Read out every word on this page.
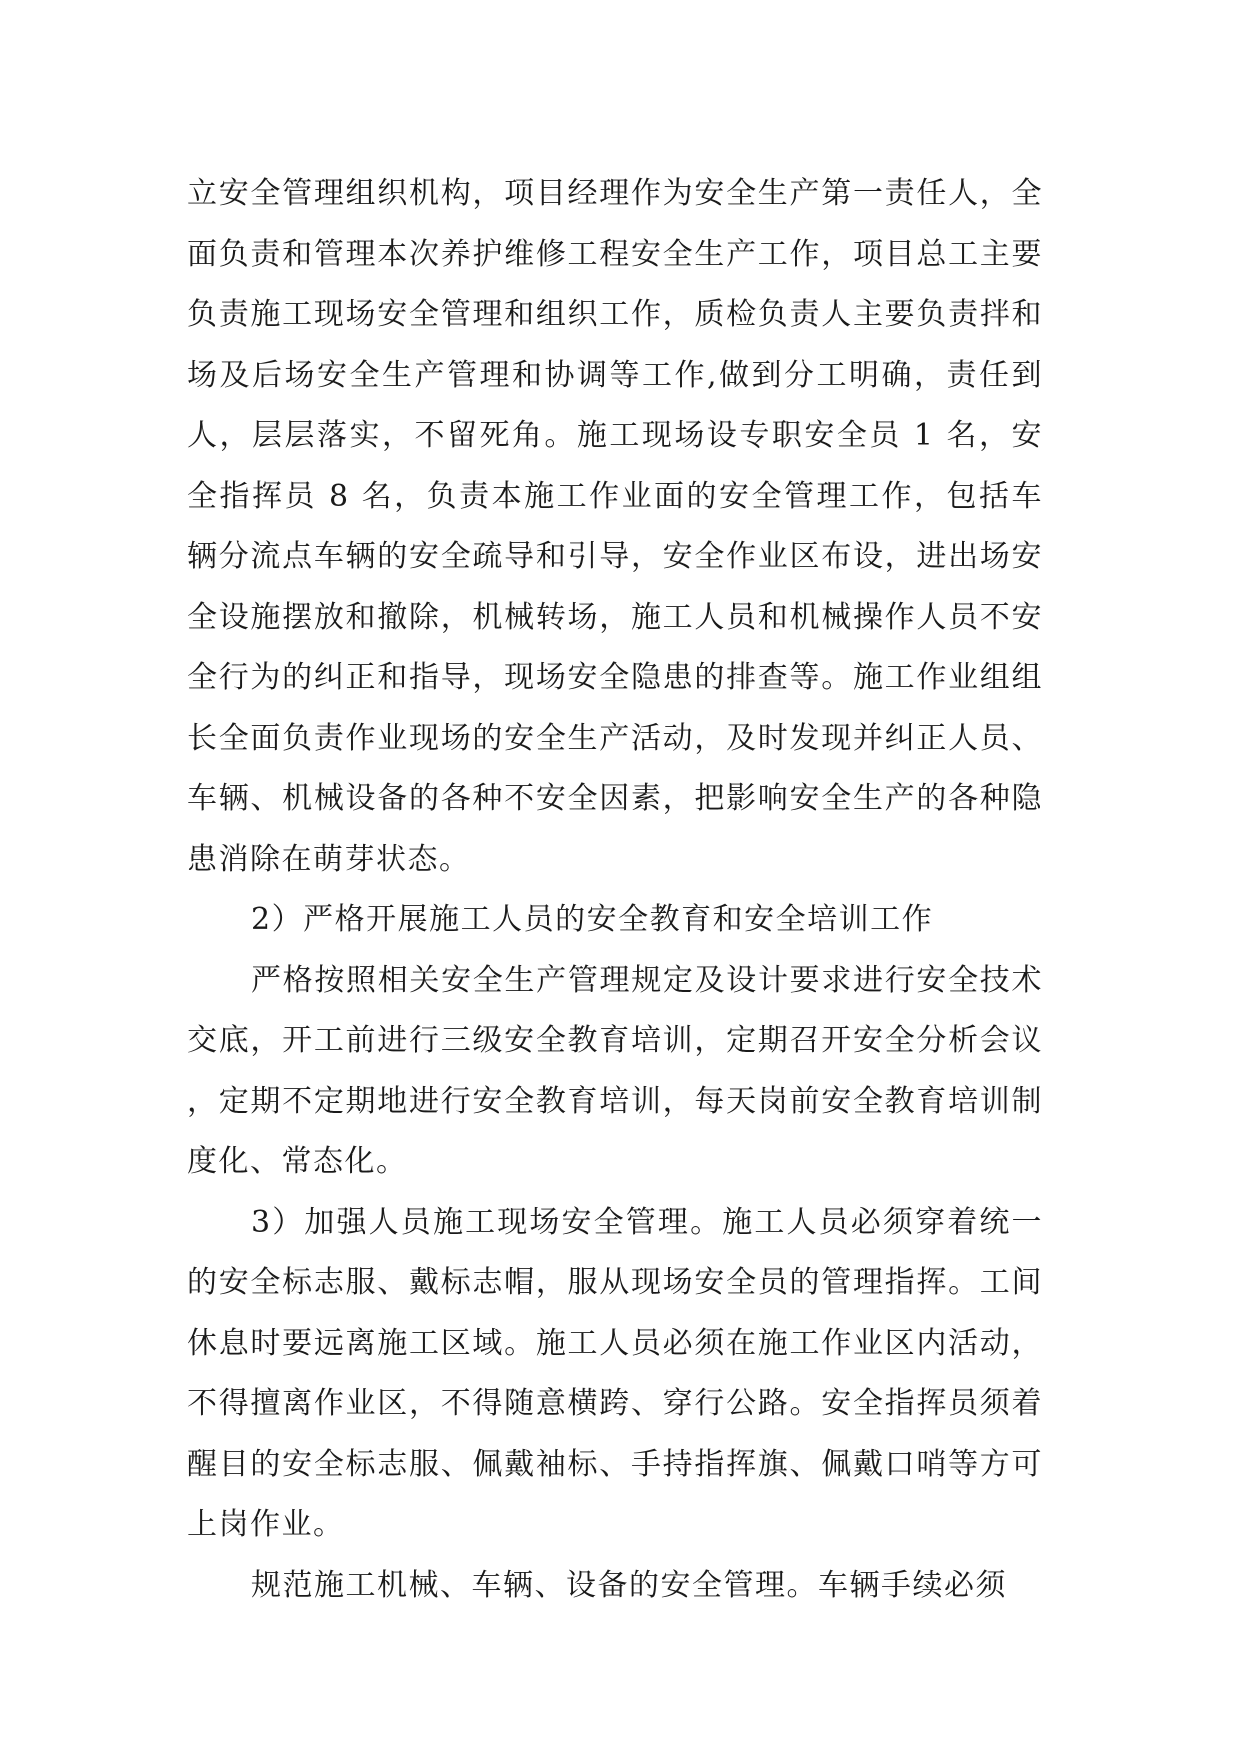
立安全管理组织机构，项目经理作为安全生产第一责任人，全面负责和管理本次养护维修工程安全生产工作，项目总工主要负责施工现场安全管理和组织工作，质检负责人主要负责拌和场及后场安全生产管理和协调等工作,做到分工明确，责任到人，层层落实，不留死角。施工现场设专职安全员 1 名，安全指挥员 8 名，负责本施工作业面的安全管理工作，包括车辆分流点车辆的安全疏导和引导，安全作业区布设，进出场安全设施摆放和撤除，机械转场，施工人员和机械操作人员不安全行为的纠正和指导，现场安全隐患的排查等。施工作业组组长全面负责作业现场的安全生产活动，及时发现并纠正人员、车辆、机械设备的各种不安全因素，把影响安全生产的各种隐患消除在萌芽状态。

2）严格开展施工人员的安全教育和安全培训工作

严格按照相关安全生产管理规定及设计要求进行安全技术交底，开工前进行三级安全教育培训，定期召开安全分析会议，定期不定期地进行安全教育培训，每天岗前安全教育培训制度化、常态化。

3）加强人员施工现场安全管理。施工人员必须穿着统一的安全标志服、戴标志帽，服从现场安全员的管理指挥。工间休息时要远离施工区域。施工人员必须在施工作业区内活动，不得擅离作业区，不得随意横跨、穿行公路。安全指挥员须着醒目的安全标志服、佩戴袖标、手持指挥旗、佩戴口哨等方可上岗作业。

规范施工机械、车辆、设备的安全管理。车辆手续必须
